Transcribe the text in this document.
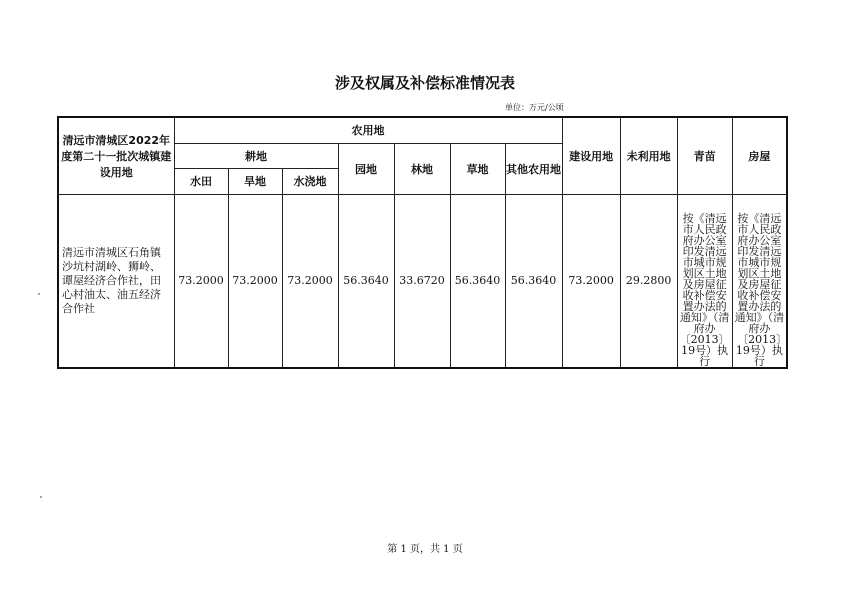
涉及权属及补偿标准情况表
单位：万元/公顷
清远市清城区2022年度第二十一批次城镇建设用地	农用地							建设用地	未利用地	青苗	房屋
	耕地			园地	林地	草地	其他农用地				
	水田	旱地	水浇地								
清远市清城区石角镇沙坑村湖岭、狮岭、谭屋经济合作社，田心村油太、油五经济合作社	73.2000	73.2000	73.2000	56.3640	33.6720	56.3640	56.3640	73.2000	29.2800	按《清远市人民政府办公室印发清远市城市规划区土地及房屋征收补偿安置办法的通知》（清府办〔2013〕19号）执行	按《清远市人民政府办公室印发清远市城市规划区土地及房屋征收补偿安置办法的通知》（清府办〔2013〕19号）执行
第 1 页，共 1 页
